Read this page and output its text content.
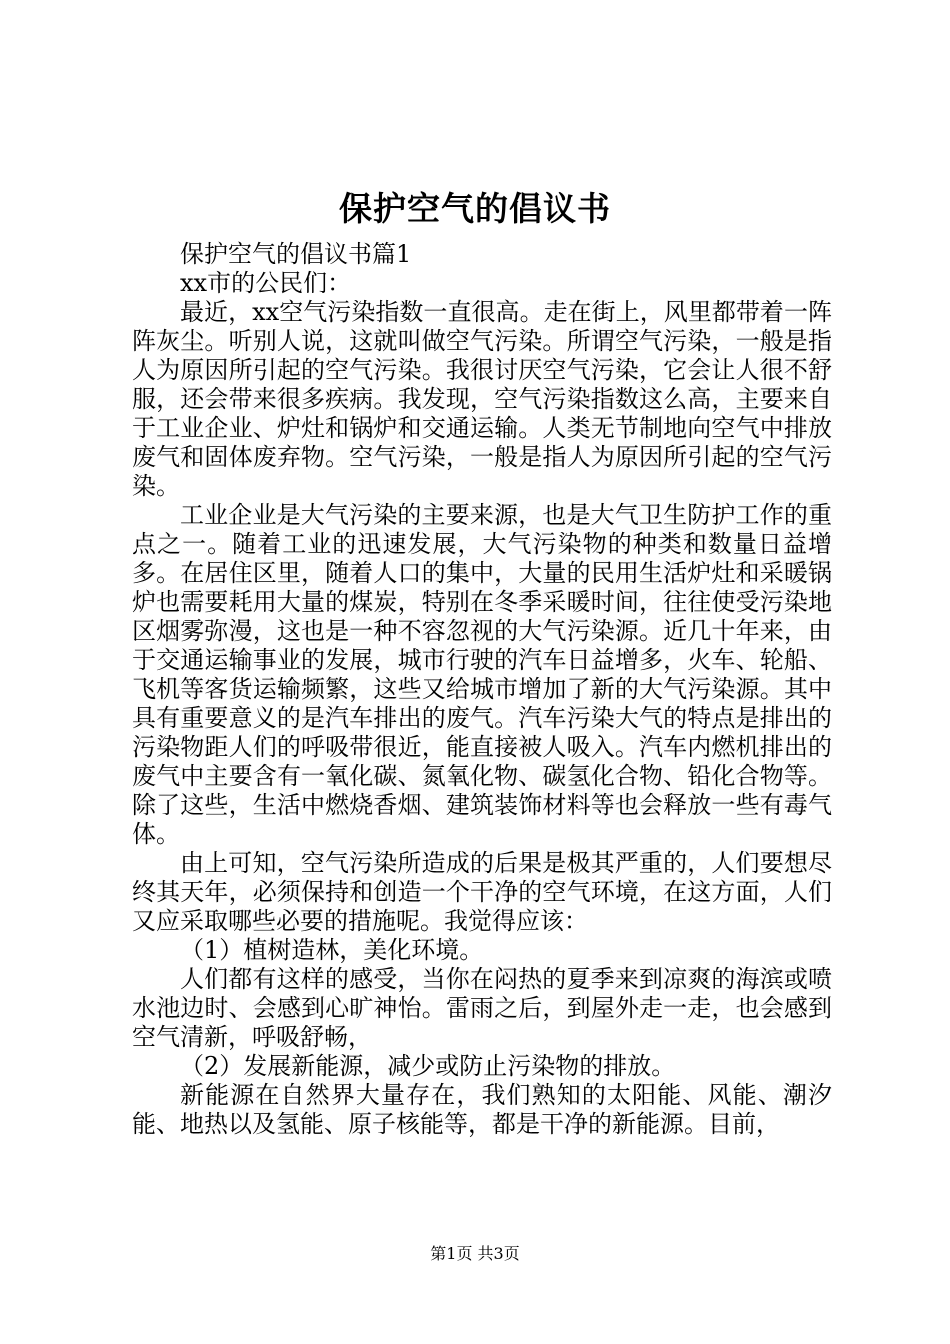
保护空气的倡议书

保护空气的倡议书篇1

xx市的公民们：

最近，xx空气污染指数一直很高。走在街上，风里都带着一阵阵灰尘。听别人说，这就叫做空气污染。所谓空气污染，一般是指人为原因所引起的空气污染。我很讨厌空气污染，它会让人很不舒服，还会带来很多疾病。我发现，空气污染指数这么高，主要来自于工业企业、炉灶和锅炉和交通运输。人类无节制地向空气中排放废气和固体废弃物。空气污染，一般是指人为原因所引起的空气污染。

工业企业是大气污染的主要来源，也是大气卫生防护工作的重点之一。随着工业的迅速发展，大气污染物的种类和数量日益增多。在居住区里，随着人口的集中，大量的民用生活炉灶和采暖锅炉也需要耗用大量的煤炭，特别在冬季采暖时间，往往使受污染地区烟雾弥漫，这也是一种不容忽视的大气污染源。近几十年来，由于交通运输事业的发展，城市行驶的汽车日益增多，火车、轮船、飞机等客货运输频繁，这些又给城市增加了新的大气污染源。其中具有重要意义的是汽车排出的废气。汽车污染大气的特点是排出的污染物距人们的呼吸带很近，能直接被人吸入。汽车内燃机排出的废气中主要含有一氧化碳、氮氧化物、碳氢化合物、铅化合物等。除了这些，生活中燃烧香烟、建筑装饰材料等也会释放一些有毒气体。

由上可知，空气污染所造成的后果是极其严重的，人们要想尽终其天年，必须保持和创造一个干净的空气环境，在这方面，人们又应采取哪些必要的措施呢。我觉得应该：

（1）植树造林，美化环境。

人们都有这样的感受，当你在闷热的夏季来到凉爽的海滨或喷水池边时、会感到心旷神怡。雷雨之后，到屋外走一走，也会感到空气清新，呼吸舒畅，

（2）发展新能源，减少或防止污染物的排放。

新能源在自然界大量存在，我们熟知的太阳能、风能、潮汐能、地热以及氢能、原子核能等，都是干净的新能源。目前，

第1页 共3页
